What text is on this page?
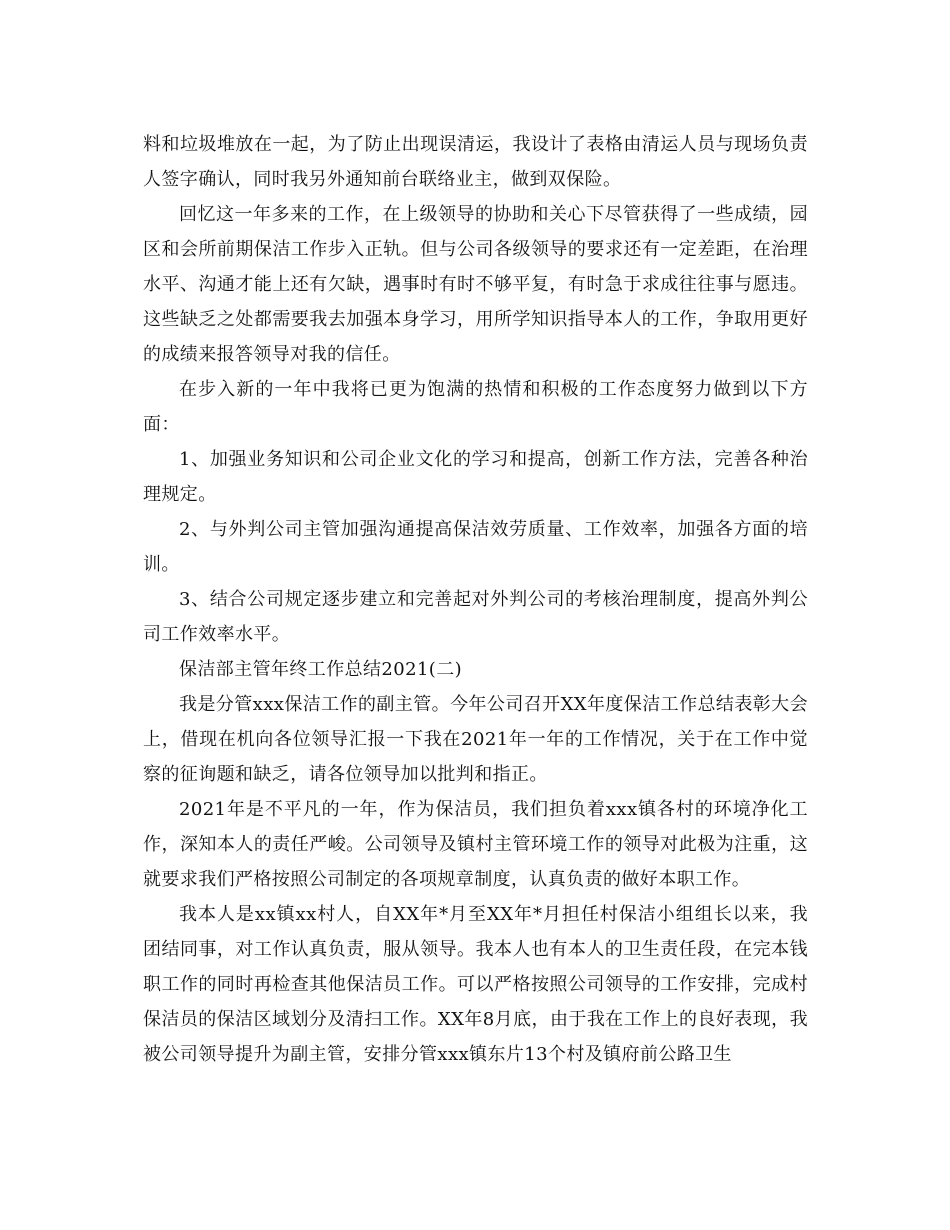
料和垃圾堆放在一起，为了防止出现误清运，我设计了表格由清运人员与现场负责人签字确认，同时我另外通知前台联络业主，做到双保险。

回忆这一年多来的工作，在上级领导的协助和关心下尽管获得了一些成绩，园区和会所前期保洁工作步入正轨。但与公司各级领导的要求还有一定差距，在治理水平、沟通才能上还有欠缺，遇事时有时不够平复，有时急于求成往往事与愿违。这些缺乏之处都需要我去加强本身学习，用所学知识指导本人的工作，争取用更好的成绩来报答领导对我的信任。

在步入新的一年中我将已更为饱满的热情和积极的工作态度努力做到以下方面：

1、加强业务知识和公司企业文化的学习和提高，创新工作方法，完善各种治理规定。

2、与外判公司主管加强沟通提高保洁效劳质量、工作效率，加强各方面的培训。

3、结合公司规定逐步建立和完善起对外判公司的考核治理制度，提高外判公司工作效率水平。

保洁部主管年终工作总结2021(二)

我是分管xxx保洁工作的副主管。今年公司召开XX年度保洁工作总结表彰大会上，借现在机向各位领导汇报一下我在2021年一年的工作情况，关于在工作中觉察的征询题和缺乏，请各位领导加以批判和指正。

2021年是不平凡的一年，作为保洁员，我们担负着xxx镇各村的环境净化工作，深知本人的责任严峻。公司领导及镇村主管环境工作的领导对此极为注重，这就要求我们严格按照公司制定的各项规章制度，认真负责的做好本职工作。

我本人是xx镇xx村人，自XX年*月至XX年*月担任村保洁小组组长以来，我团结同事，对工作认真负责，服从领导。我本人也有本人的卫生责任段，在完本钱职工作的同时再检查其他保洁员工作。可以严格按照公司领导的工作安排，完成村保洁员的保洁区域划分及清扫工作。XX年8月底，由于我在工作上的良好表现，我被公司领导提升为副主管，安排分管xxx镇东片13个村及镇府前公路卫生
